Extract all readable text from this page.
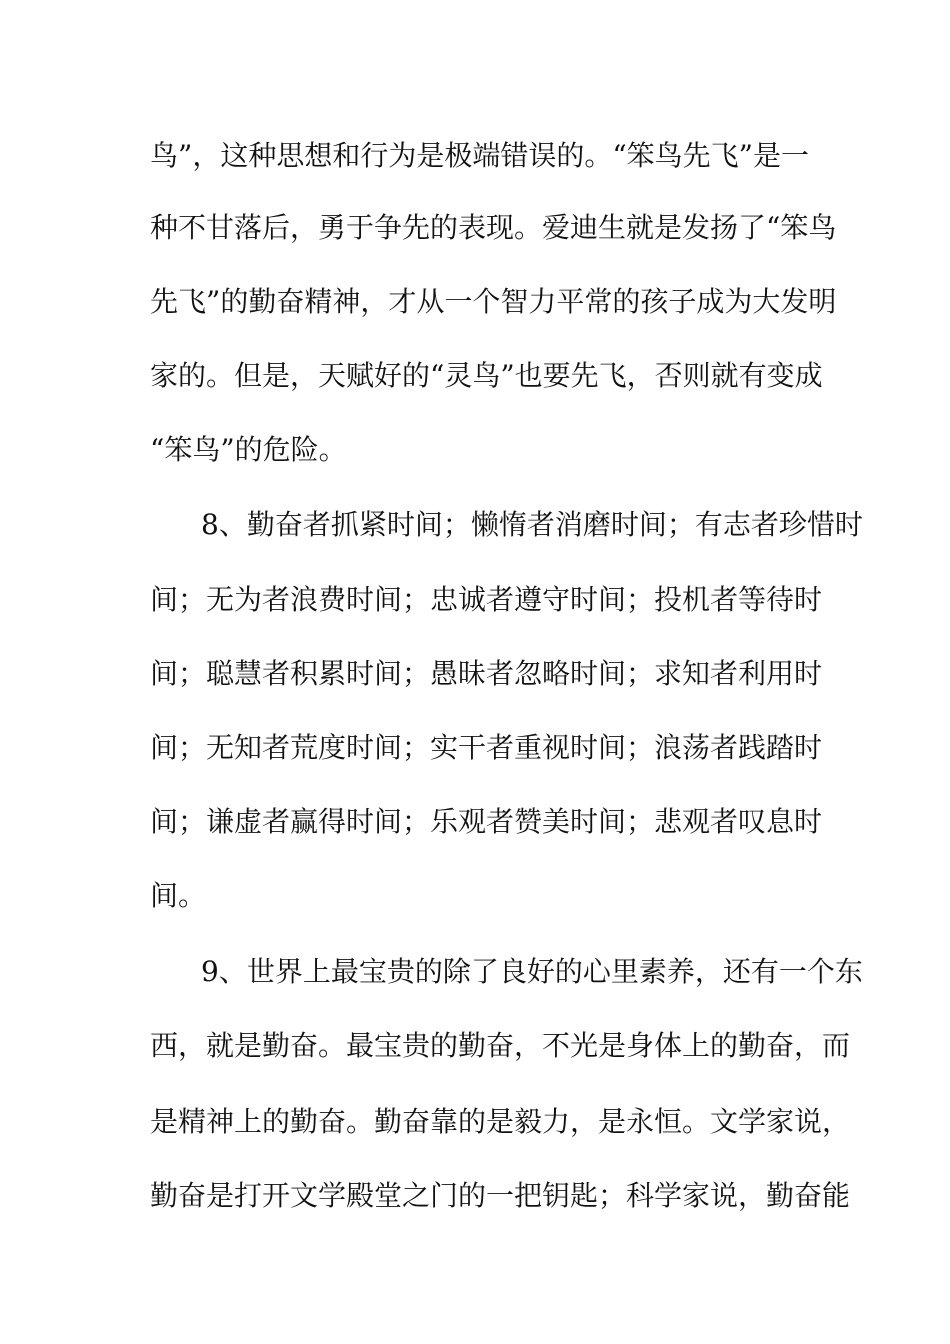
鸟”，这种思想和行为是极端错误的。“笨鸟先飞”是一
种不甘落后，勇于争先的表现。爱迪生就是发扬了“笨鸟
先飞”的勤奋精神，才从一个智力平常的孩子成为大发明
家的。但是，天赋好的“灵鸟”也要先飞，否则就有变成
“笨鸟”的危险。
8、勤奋者抓紧时间；懒惰者消磨时间；有志者珍惜时
间；无为者浪费时间；忠诚者遵守时间；投机者等待时
间；聪慧者积累时间；愚昧者忽略时间；求知者利用时
间；无知者荒度时间；实干者重视时间；浪荡者践踏时
间；谦虚者赢得时间；乐观者赞美时间；悲观者叹息时
间。
9、世界上最宝贵的除了良好的心里素养，还有一个东
西，就是勤奋。最宝贵的勤奋，不光是身体上的勤奋，而
是精神上的勤奋。勤奋靠的是毅力，是永恒。文学家说，
勤奋是打开文学殿堂之门的一把钥匙；科学家说，勤奋能
